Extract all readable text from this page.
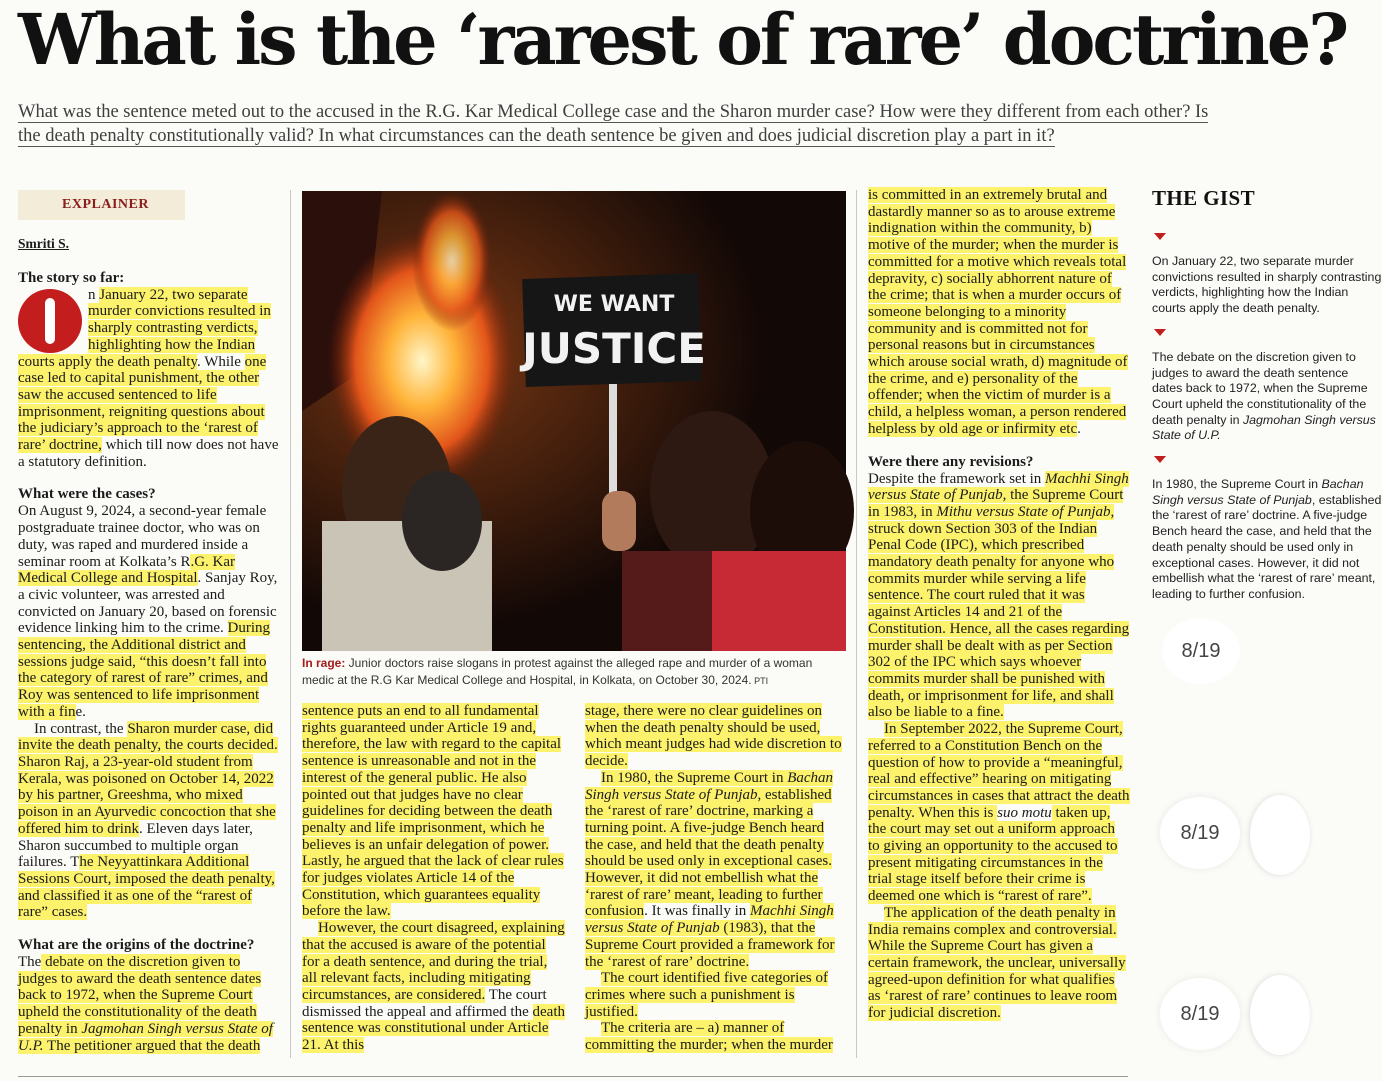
What is the ‘rarest of rare’ doctrine?
What was the sentence meted out to the accused in the R.G. Kar Medical College case and the Sharon murder case? How were they different from each other? Is
the death penalty constitutionally valid? In what circumstances can the death sentence be given and does judicial discretion play a part in it?
EXPLAINER
Smriti S.
The story so far:

n January 22, two separate murder convictions resulted in sharply contrasting verdicts, highlighting how the Indian courts apply the death penalty. While one case led to capital punishment, the other saw the accused sentenced to life imprisonment, reigniting questions about the judiciary’s approach to the ‘rarest of rare’ doctrine, which till now does not have a statutory definition.

What were the cases?

On August 9, 2024, a second-year female postgraduate trainee doctor, who was on duty, was raped and murdered inside a seminar room at Kolkata’s R.G. Kar Medical College and Hospital. Sanjay Roy, a civic volunteer, was arrested and convicted on January 20, based on forensic evidence linking him to the crime. During sentencing, the Additional district and sessions judge said, “this doesn’t fall into the category of rarest of rare” crimes, and Roy was sentenced to life imprisonment with a fine.

In contrast, the Sharon murder case, did invite the death penalty, the courts decided. Sharon Raj, a 23-year-old student from Kerala, was poisoned on October 14, 2022 by his partner, Greeshma, who mixed poison in an Ayurvedic concoction that she offered him to drink. Eleven days later, Sharon succumbed to multiple organ failures. The Neyyattinkara Additional Sessions Court, imposed the death penalty, and classified it as one of the “rarest of rare” cases.

What are the origins of the doctrine?

The debate on the discretion given to judges to award the death sentence dates back to 1972, when the Supreme Court upheld the constitutionality of the death penalty in Jagmohan Singh versus State of U.P. The petitioner argued that the death

WE WANT
JUSTICE
In rage: Junior doctors raise slogans in protest against the alleged rape and murder of a woman medic at the R.G Kar Medical College and Hospital, in Kolkata, on October 30, 2024. PTI

sentence puts an end to all fundamental rights guaranteed under Article 19 and, therefore, the law with regard to the capital sentence is unreasonable and not in the interest of the general public. He also pointed out that judges have no clear guidelines for deciding between the death penalty and life imprisonment, which he believes is an unfair delegation of power. Lastly, he argued that the lack of clear rules for judges violates Article 14 of the Constitution, which guarantees equality before the law.

However, the court disagreed, explaining that the accused is aware of the potential for a death sentence, and during the trial, all relevant facts, including mitigating circumstances, are considered. The court dismissed the appeal and affirmed the death sentence was constitutional under Article 21. At this

stage, there were no clear guidelines on when the death penalty should be used, which meant judges had wide discretion to decide.

In 1980, the Supreme Court in Bachan Singh versus State of Punjab, established the ‘rarest of rare’ doctrine, marking a turning point. A five-judge Bench heard the case, and held that the death penalty should be used only in exceptional cases. However, it did not embellish what the ‘rarest of rare’ meant, leading to further confusion. It was finally in Machhi Singh versus State of Punjab (1983), that the Supreme Court provided a framework for the ‘rarest of rare’ doctrine.

The court identified five categories of crimes where such a punishment is justified.

The criteria are – a) manner of committing the murder; when the murder

is committed in an extremely brutal and dastardly manner so as to arouse extreme indignation within the community, b) motive of the murder; when the murder is committed for a motive which reveals total depravity, c) socially abhorrent nature of the crime; that is when a murder occurs of someone belonging to a minority community and is committed not for personal reasons but in circumstances which arouse social wrath, d) magnitude of the crime, and e) personality of the offender; when the victim of murder is a child, a helpless woman, a person rendered helpless by old age or infirmity etc.

Were there any revisions?

Despite the framework set in Machhi Singh versus State of Punjab, the Supreme Court in 1983, in Mithu versus State of Punjab, struck down Section 303 of the Indian Penal Code (IPC), which prescribed mandatory death penalty for anyone who commits murder while serving a life sentence. The court ruled that it was against Articles 14 and 21 of the Constitution. Hence, all the cases regarding murder shall be dealt with as per Section 302 of the IPC which says whoever commits murder shall be punished with death, or imprisonment for life, and shall also be liable to a fine.

In September 2022, the Supreme Court, referred to a Constitution Bench on the question of how to provide a “meaningful, real and effective” hearing on mitigating circumstances in cases that attract the death penalty. When this is suo motu taken up, the court may set out a uniform approach to giving an opportunity to the accused to present mitigating circumstances in the trial stage itself before their crime is deemed one which is “rarest of rare”.

The application of the death penalty in India remains complex and controversial. While the Supreme Court has given a certain framework, the unclear, universally agreed-upon definition for what qualifies as ‘rarest of rare’ continues to leave room for judicial discretion.

THE GIST
On January 22, two separate murder convictions resulted in sharply contrasting verdicts, highlighting how the Indian courts apply the death penalty.
The debate on the discretion given to judges to award the death sentence dates back to 1972, when the Supreme Court upheld the constitutionality of the death penalty in Jagmohan Singh versus State of U.P.
In 1980, the Supreme Court in Bachan Singh versus State of Punjab, established the ‘rarest of rare’ doctrine. A five-judge Bench heard the case, and held that the death penalty should be used only in exceptional cases. However, it did not embellish what the ‘rarest of rare’ meant, leading to further confusion.
8/19
8/19
8/19
